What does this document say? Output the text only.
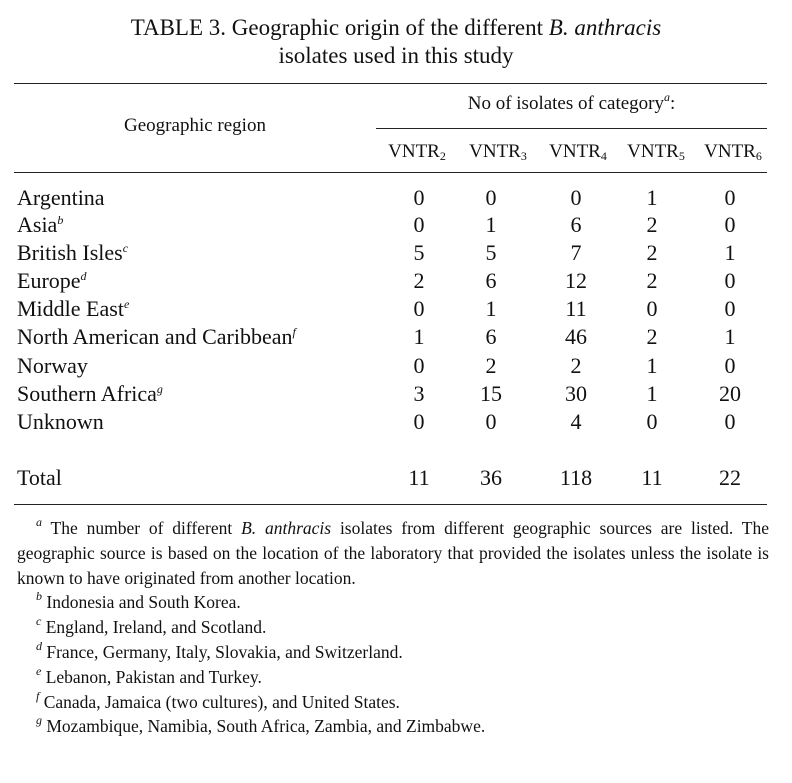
TABLE 3. Geographic origin of the different B. anthracis
isolates used in this study
Geographic region
No of isolates of category$^a$:
$VNTR_2$	$VNTR_3$	$VNTR_4$	$VNTR_5$	$VNTR_6$
Argentina	0	0	0	1	0
Asia$^b$	0	1	6	2	0
British Isles$^c$	5	5	7	2	1
Europe$^d$	2	6	12	2	0
Middle East$^e$	0	1	11	0	0
North American and Caribbean$^f$	1	6	46	2	1
Norway	0	2	2	1	0
Southern Africa$^g$	3	15	30	1	20
Unknown	0	0	4	0	0
Total	11	36	118	11	22

$^a$ The number of different B. anthracis isolates from different geographic sources are listed. The geographic source is based on the location of the laboratory that provided the isolates unless the isolate is known to have originated from another location.

$^b$ Indonesia and South Korea.

$^c$ England, Ireland, and Scotland.

$^d$ France, Germany, Italy, Slovakia, and Switzerland.

$^e$ Lebanon, Pakistan and Turkey.

$^f$ Canada, Jamaica (two cultures), and United States.

$^g$ Mozambique, Namibia, South Africa, Zambia, and Zimbabwe.
